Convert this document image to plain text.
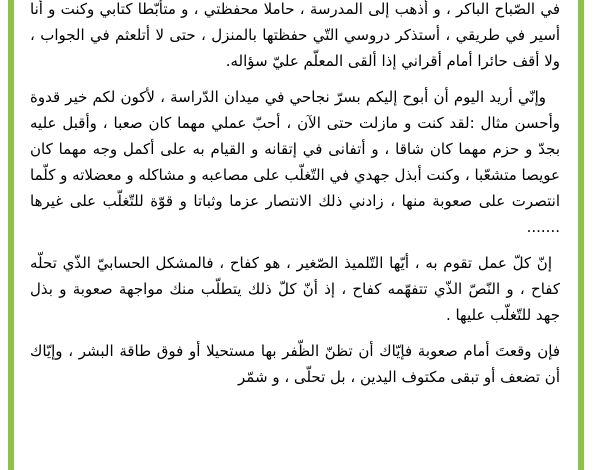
في الصّباح الباكر ، و أذهب إلى المدرسة ، حاملا محفظتي ، و متأبّطا كتابي وكنت و أنا أسير في طريقي ، أستذكر دروسي التّي حفظتها بالمنزل ، حتى لا أتلعثم في الجواب ، ولا أقف حائرا أمام أقراني إذا ألقى المعلّم عليّ سؤاله.

وإنّي أريد اليوم أن أبوح إليكم بسرّ نجاحي في ميدان الدّراسة ، لأكون لكم خير قدوة وأحسن مثال :لقد كنت و مازلت حتى الآن ، أحبّ عملي مهما كان صعبا ، وأقبل عليه بجدّ و حزم مهما كان شاقا ، و أتفانى في إتقانه و القيام به على أكمل وجه مهما كان عويصا متشعّبا ، وكنت أبذل جهدي في التّغلّب على مصاعبه و مشاكله و معضلاته و كلّما انتصرت على صعوبة منها ، زادني ذلك الانتصار عزما وثباتا و قوّة للتّغلّب على غيرها .......

إنّ كلّ عمل تقوم به ، أيّها التّلميذ الصّغير ، هو كفاح ، فالمشكل الحسابيّ الذّي تحلّه كفاح ، و النّصّ الذّي تتفهّمه كفاح ، إذ أنّ كلّ ذلك يتطلّب منك مواجهة صعوبة و بذل جهد للتّغلّب عليها .

فإن وقعتَ أمام صعوبة فإيّاك أن تظنّ الظّفر بها مستحيلا أو فوق طاقة البشر ، وإيّاك أن تضعف أو تبقى مكتوف اليدين ، بل تحلّى ، و شمّر
